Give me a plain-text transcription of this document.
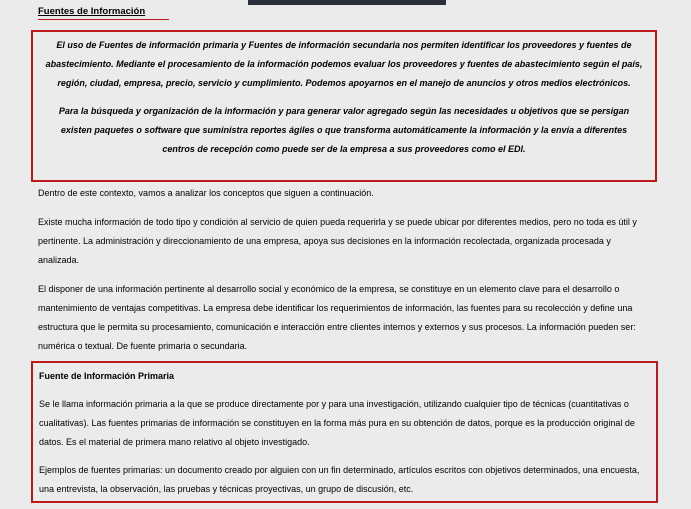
Fuentes de Información

El uso de Fuentes de información primaria y Fuentes de información secundaria nos permiten identificar los proveedores y fuentes de abastecimiento. Mediante el procesamiento de la información podemos evaluar los proveedores y fuentes de abastecimiento según el país, región, ciudad, empresa, precio, servicio y cumplimiento. Podemos apoyarnos en el manejo de anuncios y otros medios electrónicos.

Para la búsqueda y organización de la información y para generar valor agregado según las necesidades u objetivos que se persigan existen paquetes o software que suministra reportes ágiles o que transforma automáticamente la información y la envía a diferentes centros de recepción como puede ser de la empresa a sus proveedores como el EDI.

Dentro de este contexto, vamos a analizar los conceptos que siguen a continuación.

Existe mucha información de todo tipo y condición al servicio de quien pueda requerirla y se puede ubicar por diferentes medios, pero no toda es útil y pertinente. La administración y direccionamiento de una empresa, apoya sus decisiones en la información recolectada, organizada procesada y analizada.

El disponer de una información pertinente al desarrollo social y económico de la empresa, se constituye en un elemento clave para el desarrollo o mantenimiento de ventajas competitivas. La empresa debe identificar los requerimientos de información, las fuentes para su recolección y define una estructura que le permita su procesamiento, comunicación e interacción entre clientes internos y externos y sus procesos. La información pueden ser: numérica o textual. De fuente primaria o secundaria.

Fuente de Información Primaria

Se le llama información primaria a la que se produce directamente por y para una investigación, utilizando cualquier tipo de técnicas (cuantitativas o cualitativas). Las fuentes primarias de información se constituyen en la forma más pura en su obtención de datos, porque es la producción original de datos. Es el material de primera mano relativo al objeto investigado.

Ejemplos de fuentes primarias: un documento creado por alguien con un fin determinado, artículos escritos con objetivos determinados, una encuesta, una entrevista, la observación, las pruebas y técnicas proyectivas, un grupo de discusión, etc.
